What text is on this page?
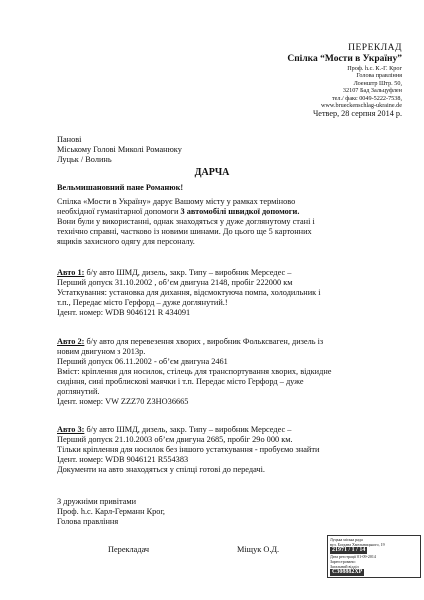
ПЕРЕКЛАД
Спілка “Мости в Україну”
Проф. h.c. К.-Г. Крог
Голова правління
Лоенштр Штр. 50,
32107 Бад Зальцуфлен
тел./ факс 0049-5222-7538,
www.brueckenschlag-ukraine.de
Четвер, 28 серпня 2014 р.
Панові
Міському Голові Миколі Романюку
Луцьк / Волинь
ДАРЧА
Вельмишановний пане Романюк!
Спілка «Мости в Україну» дарує Вашому місту у рамках терміново
необхідної гуманітарної допомоги 3 автомобілі швидкої допомоги.
Вони були у використанні, однак знаходяться у дуже доглянутому стані і
технічно справні, частково із новими шинами. До цього ще 5 картонних
ящиків захисного одягу для персоналу.
Авто 1: б/у авто ШМД, дизель, закр. Типу – виробник Мерседес –
Перший допуск 31.10.2002 , об’єм двигуна 2148, пробіг 222000 км
Устаткування: установка для дихання, відсмоктуюча помпа, холодильник і
т.п., Передає місто Герфорд – дуже доглянутий.!
Ідент. номер: WDB 9046121 R 434091
Авто 2: б/у авто для перевезення хворих , виробник Фольксваген, дизель із
новим двигуном з 2013р.
Перший допуск 06.11.2002 - об’єм двигуна 2461
Вміст: кріплення для носилок, стілець для транспортування хворих, відкидне
сидіння, сині проблискові маячки і т.п. Передає місто Герфорд – дуже
доглянутий.
Ідент. номер: VW ZZZ70 Z3HO36665
Авто 3: б/у авто ШМД, дизель, закр. Типу – виробник Мерседес –
Перший допуск 21.10.2003 об’єм двигуна 2685, пробіг 29о 000 км.
Тільки кріплення для носилок без іншого устаткування - пробуємо знайти
Ідент. номер: WDB 9046121 R554383
Документи на авто знаходяться у спілці готові до передачі.
З дружніми привітами
Проф. h.c. Карл-Германн Крог,
Голова правління
Перекладач	Міщук О.Д.
Луцька міська рада
вул. Богдана Хмельницького, 19
21971 / 1 / 14
Дата реєстрації 01-09-2014
Зареєстровано:
Загальний відділ
C308882XP
